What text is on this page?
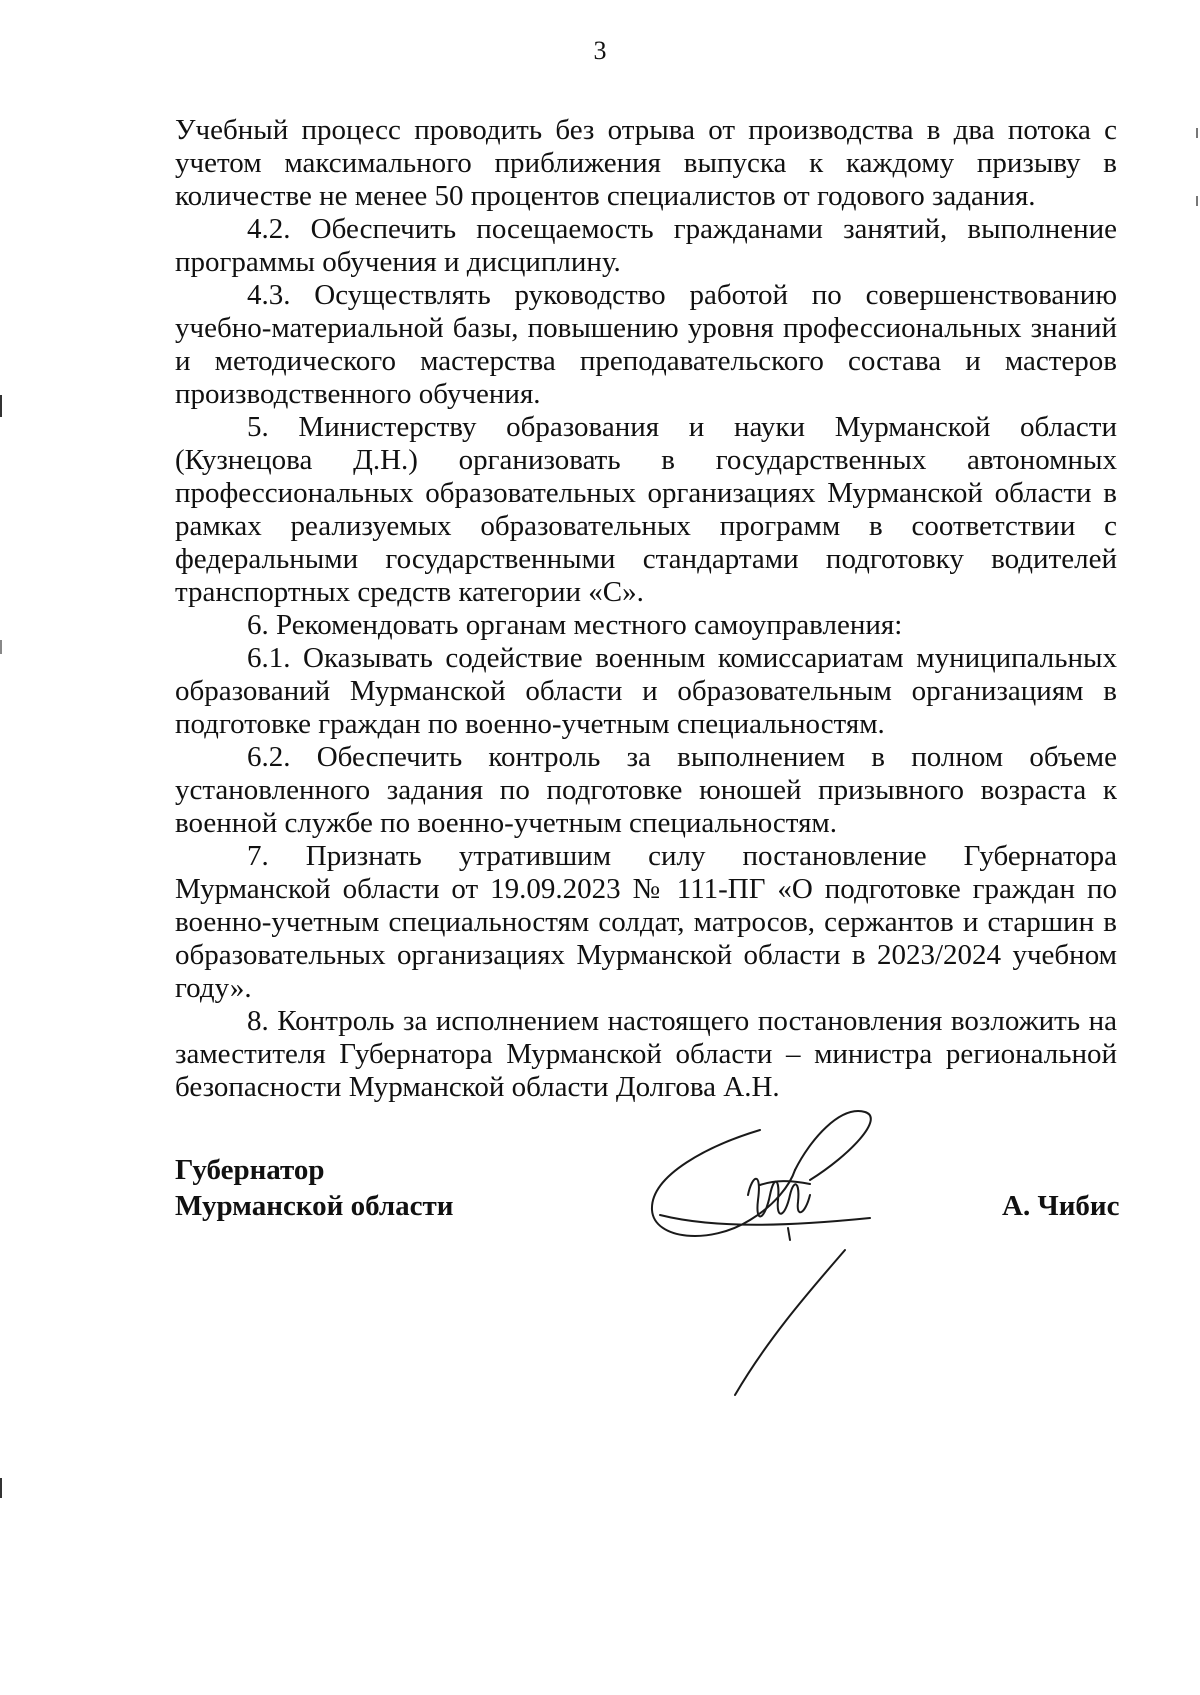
3

Учебный процесс проводить без отрыва от производства в два потока с учетом максимального приближения выпуска к каждому призыву в количестве не менее 50 процентов специалистов от годового задания.

4.2. Обеспечить посещаемость гражданами занятий, выполнение программы обучения и дисциплину.

4.3. Осуществлять руководство работой по совершенствованию учебно-материальной базы, повышению уровня профессиональных знаний и методического мастерства преподавательского состава и мастеров производственного обучения.

5. Министерству образования и науки Мурманской области (Кузнецова Д.Н.) организовать в государственных автономных профессиональных образовательных организациях Мурманской области в рамках реализуемых образовательных программ в соответствии с федеральными государственными стандартами подготовку водителей транспортных средств категории «С».

6. Рекомендовать органам местного самоуправления:

6.1. Оказывать содействие военным комиссариатам муниципальных образований Мурманской области и образовательным организациям в подготовке граждан по военно-учетным специальностям.

6.2. Обеспечить контроль за выполнением в полном объеме установленного задания по подготовке юношей призывного возраста к военной службе по военно-учетным специальностям.

7. Признать утратившим силу постановление Губернатора Мурманской области от 19.09.2023 № 111-ПГ «О подготовке граждан по военно-учетным специальностям солдат, матросов, сержантов и старшин в образовательных организациях Мурманской области в 2023/2024 учебном году».

8. Контроль за исполнением настоящего постановления возложить на заместителя Губернатора Мурманской области – министра региональной безопасности Мурманской области Долгова А.Н.

Губернатор
Мурманской области	А. Чибис
